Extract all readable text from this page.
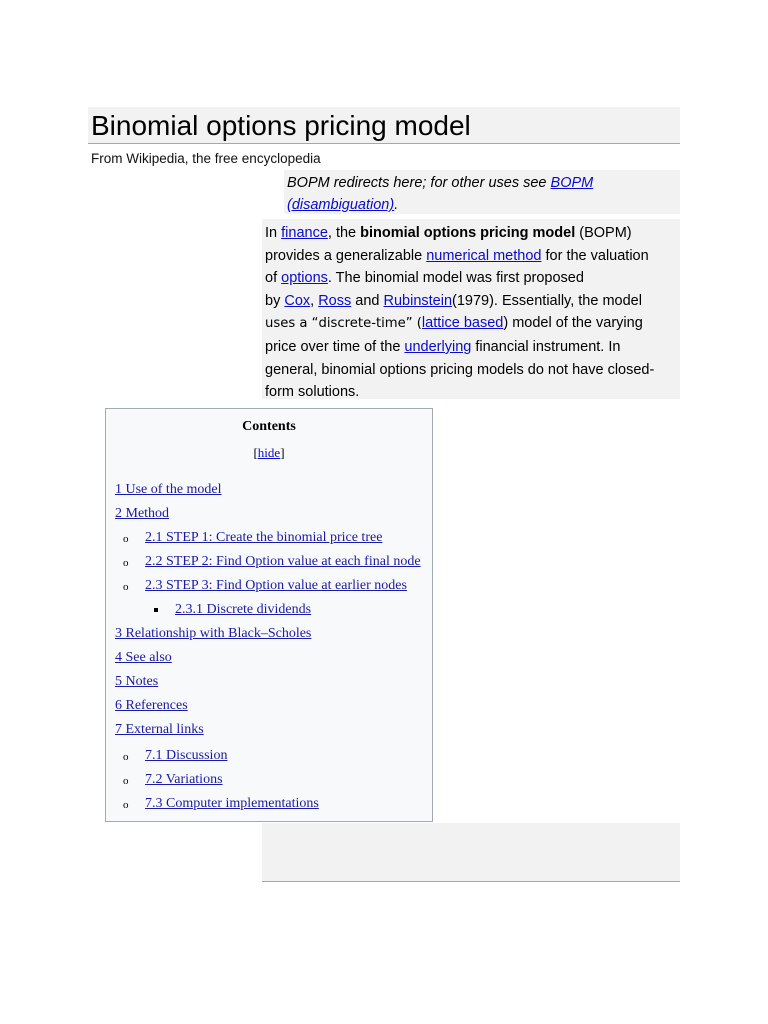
Binomial options pricing model
From Wikipedia, the free encyclopedia
BOPM redirects here; for other uses see BOPM
(disambiguation).
In finance, the binomial options pricing model (BOPM)
provides a generalizable numerical method for the valuation
of options. The binomial model was first proposed
by Cox, Ross and Rubinstein(1979). Essentially, the model
uses a “discrete-time” (lattice based) model of the varying
price over time of the underlying financial instrument. In
general, binomial options pricing models do not have closed-
form solutions.
Contents
[hide]
1 Use of the model
2 Method
o 2.1 STEP 1: Create the binomial price tree
o 2.2 STEP 2: Find Option value at each final node
o 2.3 STEP 3: Find Option value at earlier nodes
2.3.1 Discrete dividends
3 Relationship with Black–Scholes
4 See also
5 Notes
6 References
7 External links
o 7.1 Discussion
o 7.2 Variations
o 7.3 Computer implementations
